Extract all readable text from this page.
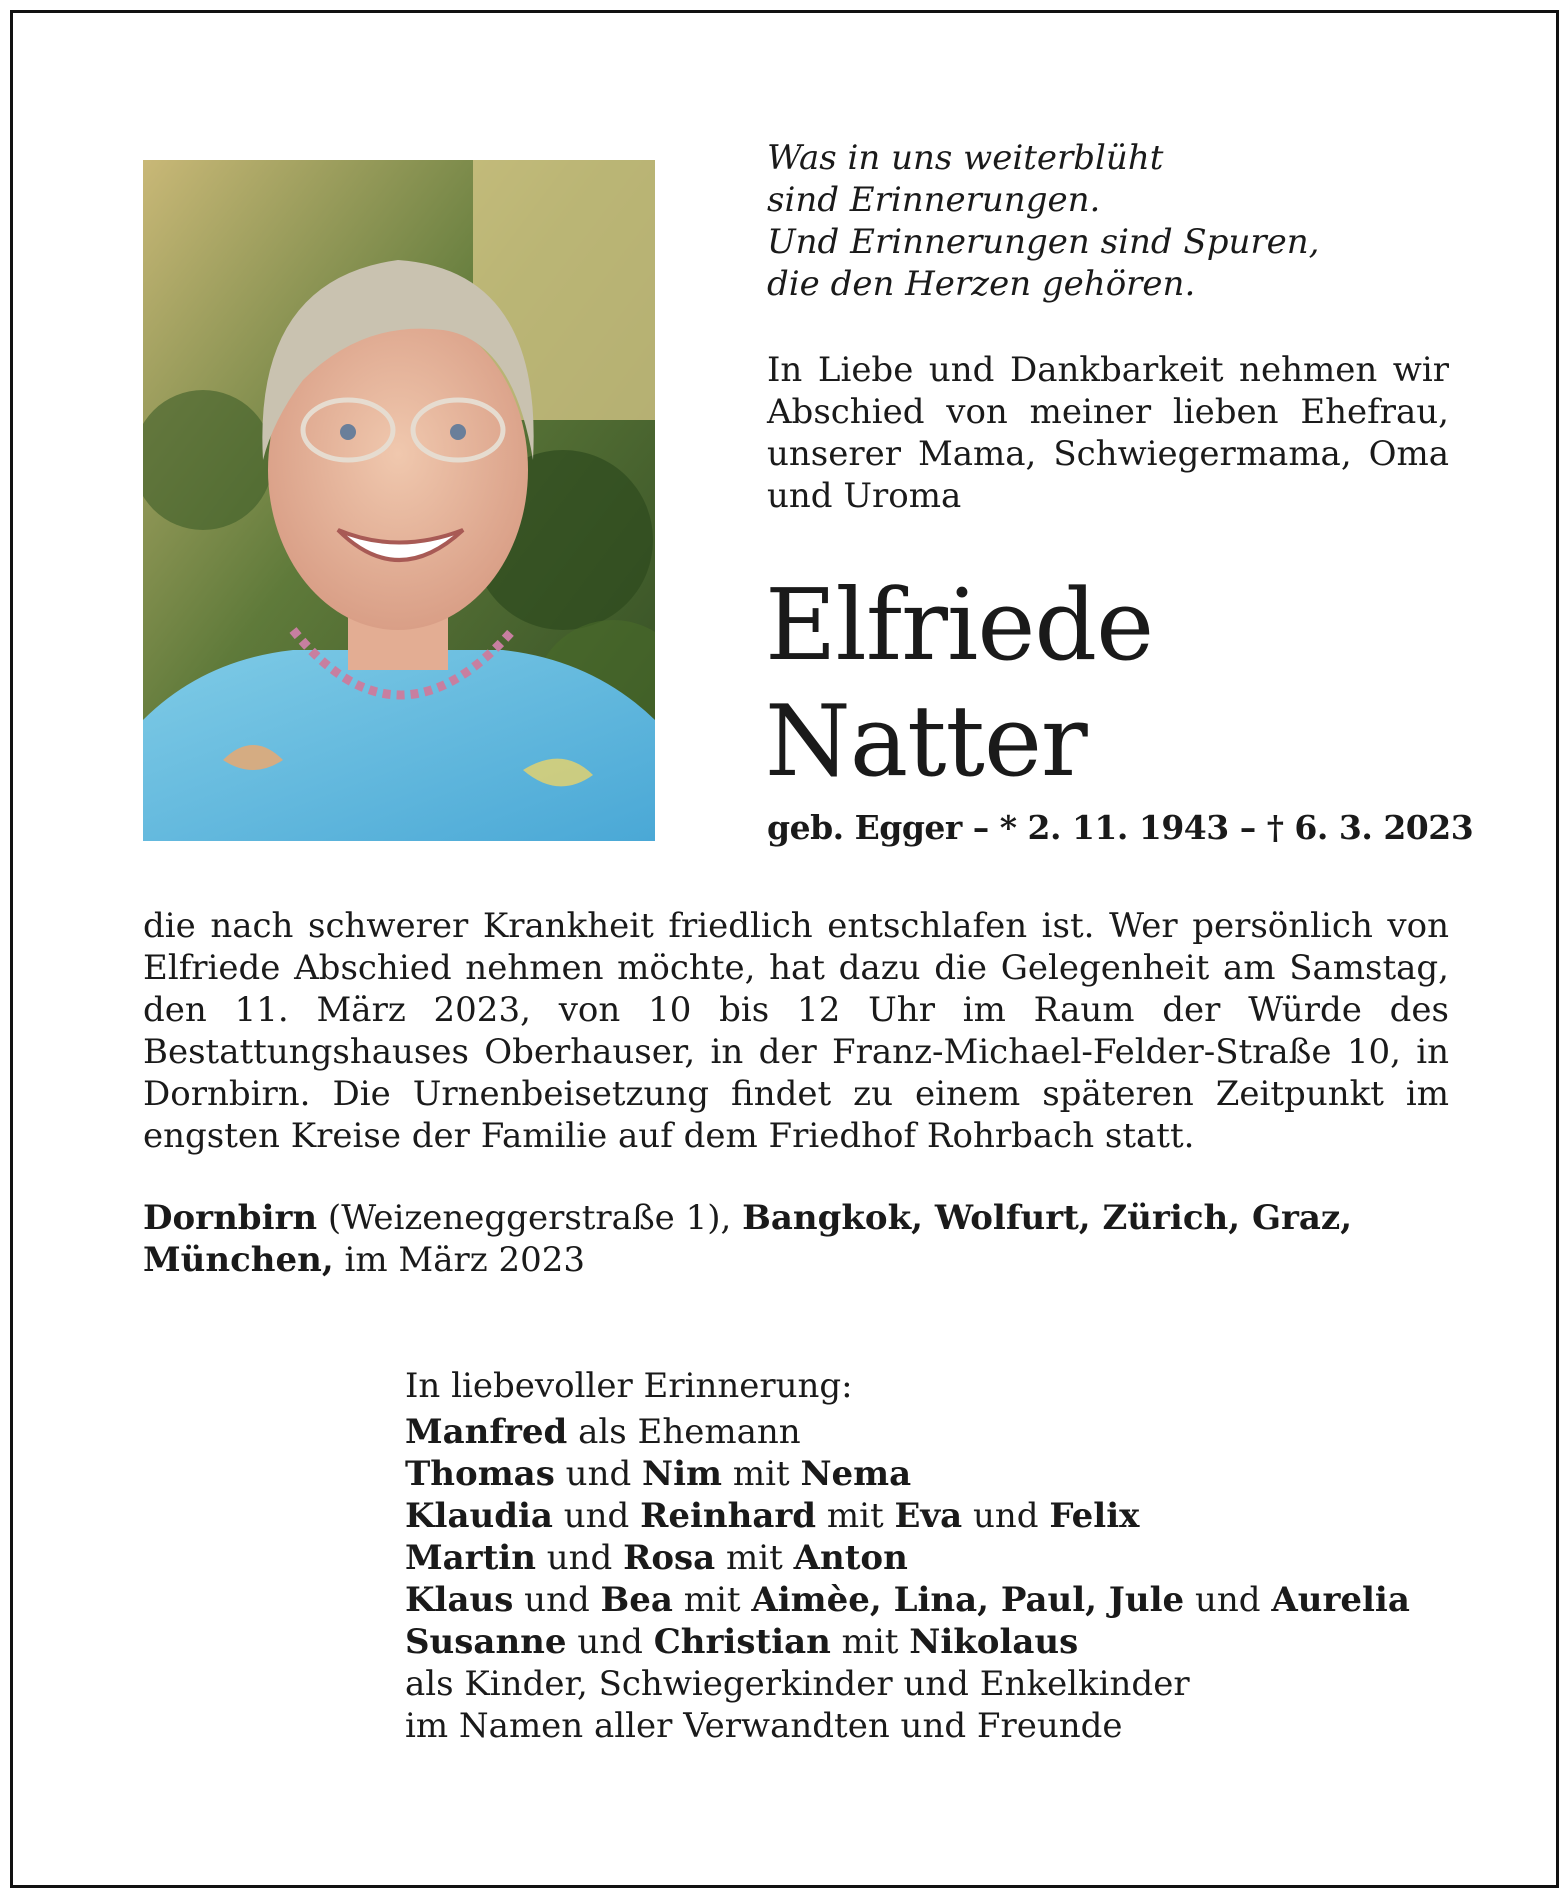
Was in uns weiterblüht
sind Erinnerungen.
Und Erinnerungen sind Spuren,
die den Herzen gehören.
In Liebe und Dankbarkeit nehmen wir Abschied von meiner lieben Ehefrau, unserer Mama, Schwiegermama, Oma und Uroma
Elfriede
Natter
geb. Egger – * 2. 11. 1943 – † 6. 3. 2023
die nach schwerer Krankheit friedlich entschlafen ist. Wer persönlich von Elfriede Abschied nehmen möchte, hat dazu die Gelegenheit am Samstag, den 11. März 2023, von 10 bis 12 Uhr im Raum der Würde des Bestattungshauses Oberhauser, in der Franz-Michael-Felder-Straße 10, in Dornbirn. Die Urnenbeisetzung findet zu einem späteren Zeitpunkt im engsten Kreise der Familie auf dem Friedhof Rohrbach statt.
Dornbirn (Weizeneggerstraße 1), Bangkok, Wolfurt, Zürich, Graz,
München, im März 2023
In liebevoller Erinnerung:
Manfred als Ehemann
Thomas und Nim mit Nema
Klaudia und Reinhard mit Eva und Felix
Martin und Rosa mit Anton
Klaus und Bea mit Aimèe, Lina, Paul, Jule und Aurelia
Susanne und Christian mit Nikolaus
als Kinder, Schwiegerkinder und Enkelkinder
im Namen aller Verwandten und Freunde
